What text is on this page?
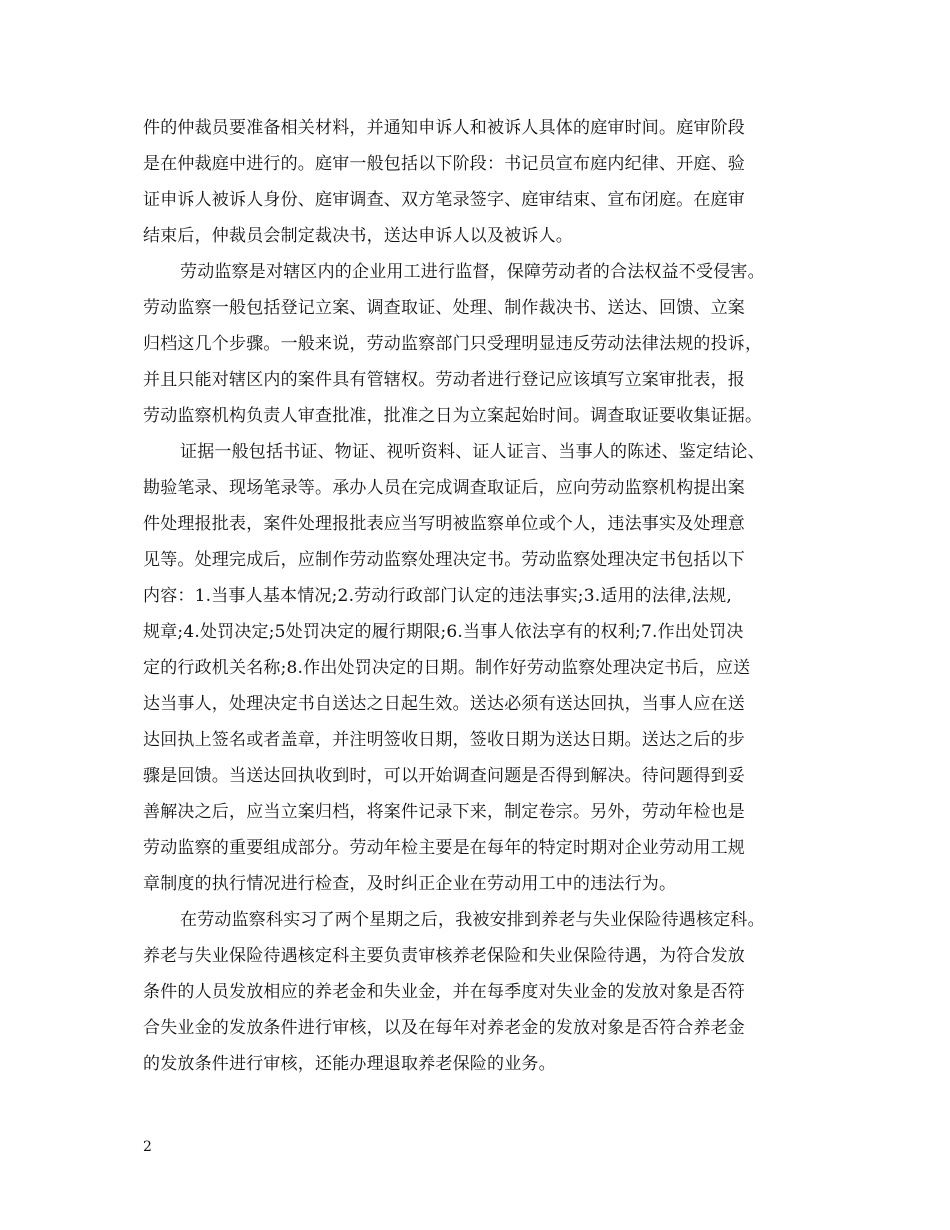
件的仲裁员要准备相关材料，并通知申诉人和被诉人具体的庭审时间。庭审阶段
是在仲裁庭中进行的。庭审一般包括以下阶段：书记员宣布庭内纪律、开庭、验
证申诉人被诉人身份、庭审调查、双方笔录签字、庭审结束、宣布闭庭。在庭审
结束后，仲裁员会制定裁决书，送达申诉人以及被诉人。
劳动监察是对辖区内的企业用工进行监督，保障劳动者的合法权益不受侵害。
劳动监察一般包括登记立案、调查取证、处理、制作裁决书、送达、回馈、立案
归档这几个步骤。一般来说，劳动监察部门只受理明显违反劳动法律法规的投诉，
并且只能对辖区内的案件具有管辖权。劳动者进行登记应该填写立案审批表，报
劳动监察机构负责人审查批准，批准之日为立案起始时间。调查取证要收集证据。
证据一般包括书证、物证、视听资料、证人证言、当事人的陈述、鉴定结论、
勘验笔录、现场笔录等。承办人员在完成调查取证后，应向劳动监察机构提出案
件处理报批表，案件处理报批表应当写明被监察单位或个人，违法事实及处理意
见等。处理完成后，应制作劳动监察处理决定书。劳动监察处理决定书包括以下
内容：1.当事人基本情况;2.劳动行政部门认定的违法事实;3.适用的法律,法规,
规章;4.处罚决定;5处罚决定的履行期限;6.当事人依法享有的权利;7.作出处罚决
定的行政机关名称;8.作出处罚决定的日期。制作好劳动监察处理决定书后，应送
达当事人，处理决定书自送达之日起生效。送达必须有送达回执，当事人应在送
达回执上签名或者盖章，并注明签收日期，签收日期为送达日期。送达之后的步
骤是回馈。当送达回执收到时，可以开始调查问题是否得到解决。待问题得到妥
善解决之后，应当立案归档，将案件记录下来，制定卷宗。另外，劳动年检也是
劳动监察的重要组成部分。劳动年检主要是在每年的特定时期对企业劳动用工规
章制度的执行情况进行检查，及时纠正企业在劳动用工中的违法行为。
在劳动监察科实习了两个星期之后，我被安排到养老与失业保险待遇核定科。
养老与失业保险待遇核定科主要负责审核养老保险和失业保险待遇，为符合发放
条件的人员发放相应的养老金和失业金，并在每季度对失业金的发放对象是否符
合失业金的发放条件进行审核，以及在每年对养老金的发放对象是否符合养老金
的发放条件进行审核，还能办理退取养老保险的业务。
2
